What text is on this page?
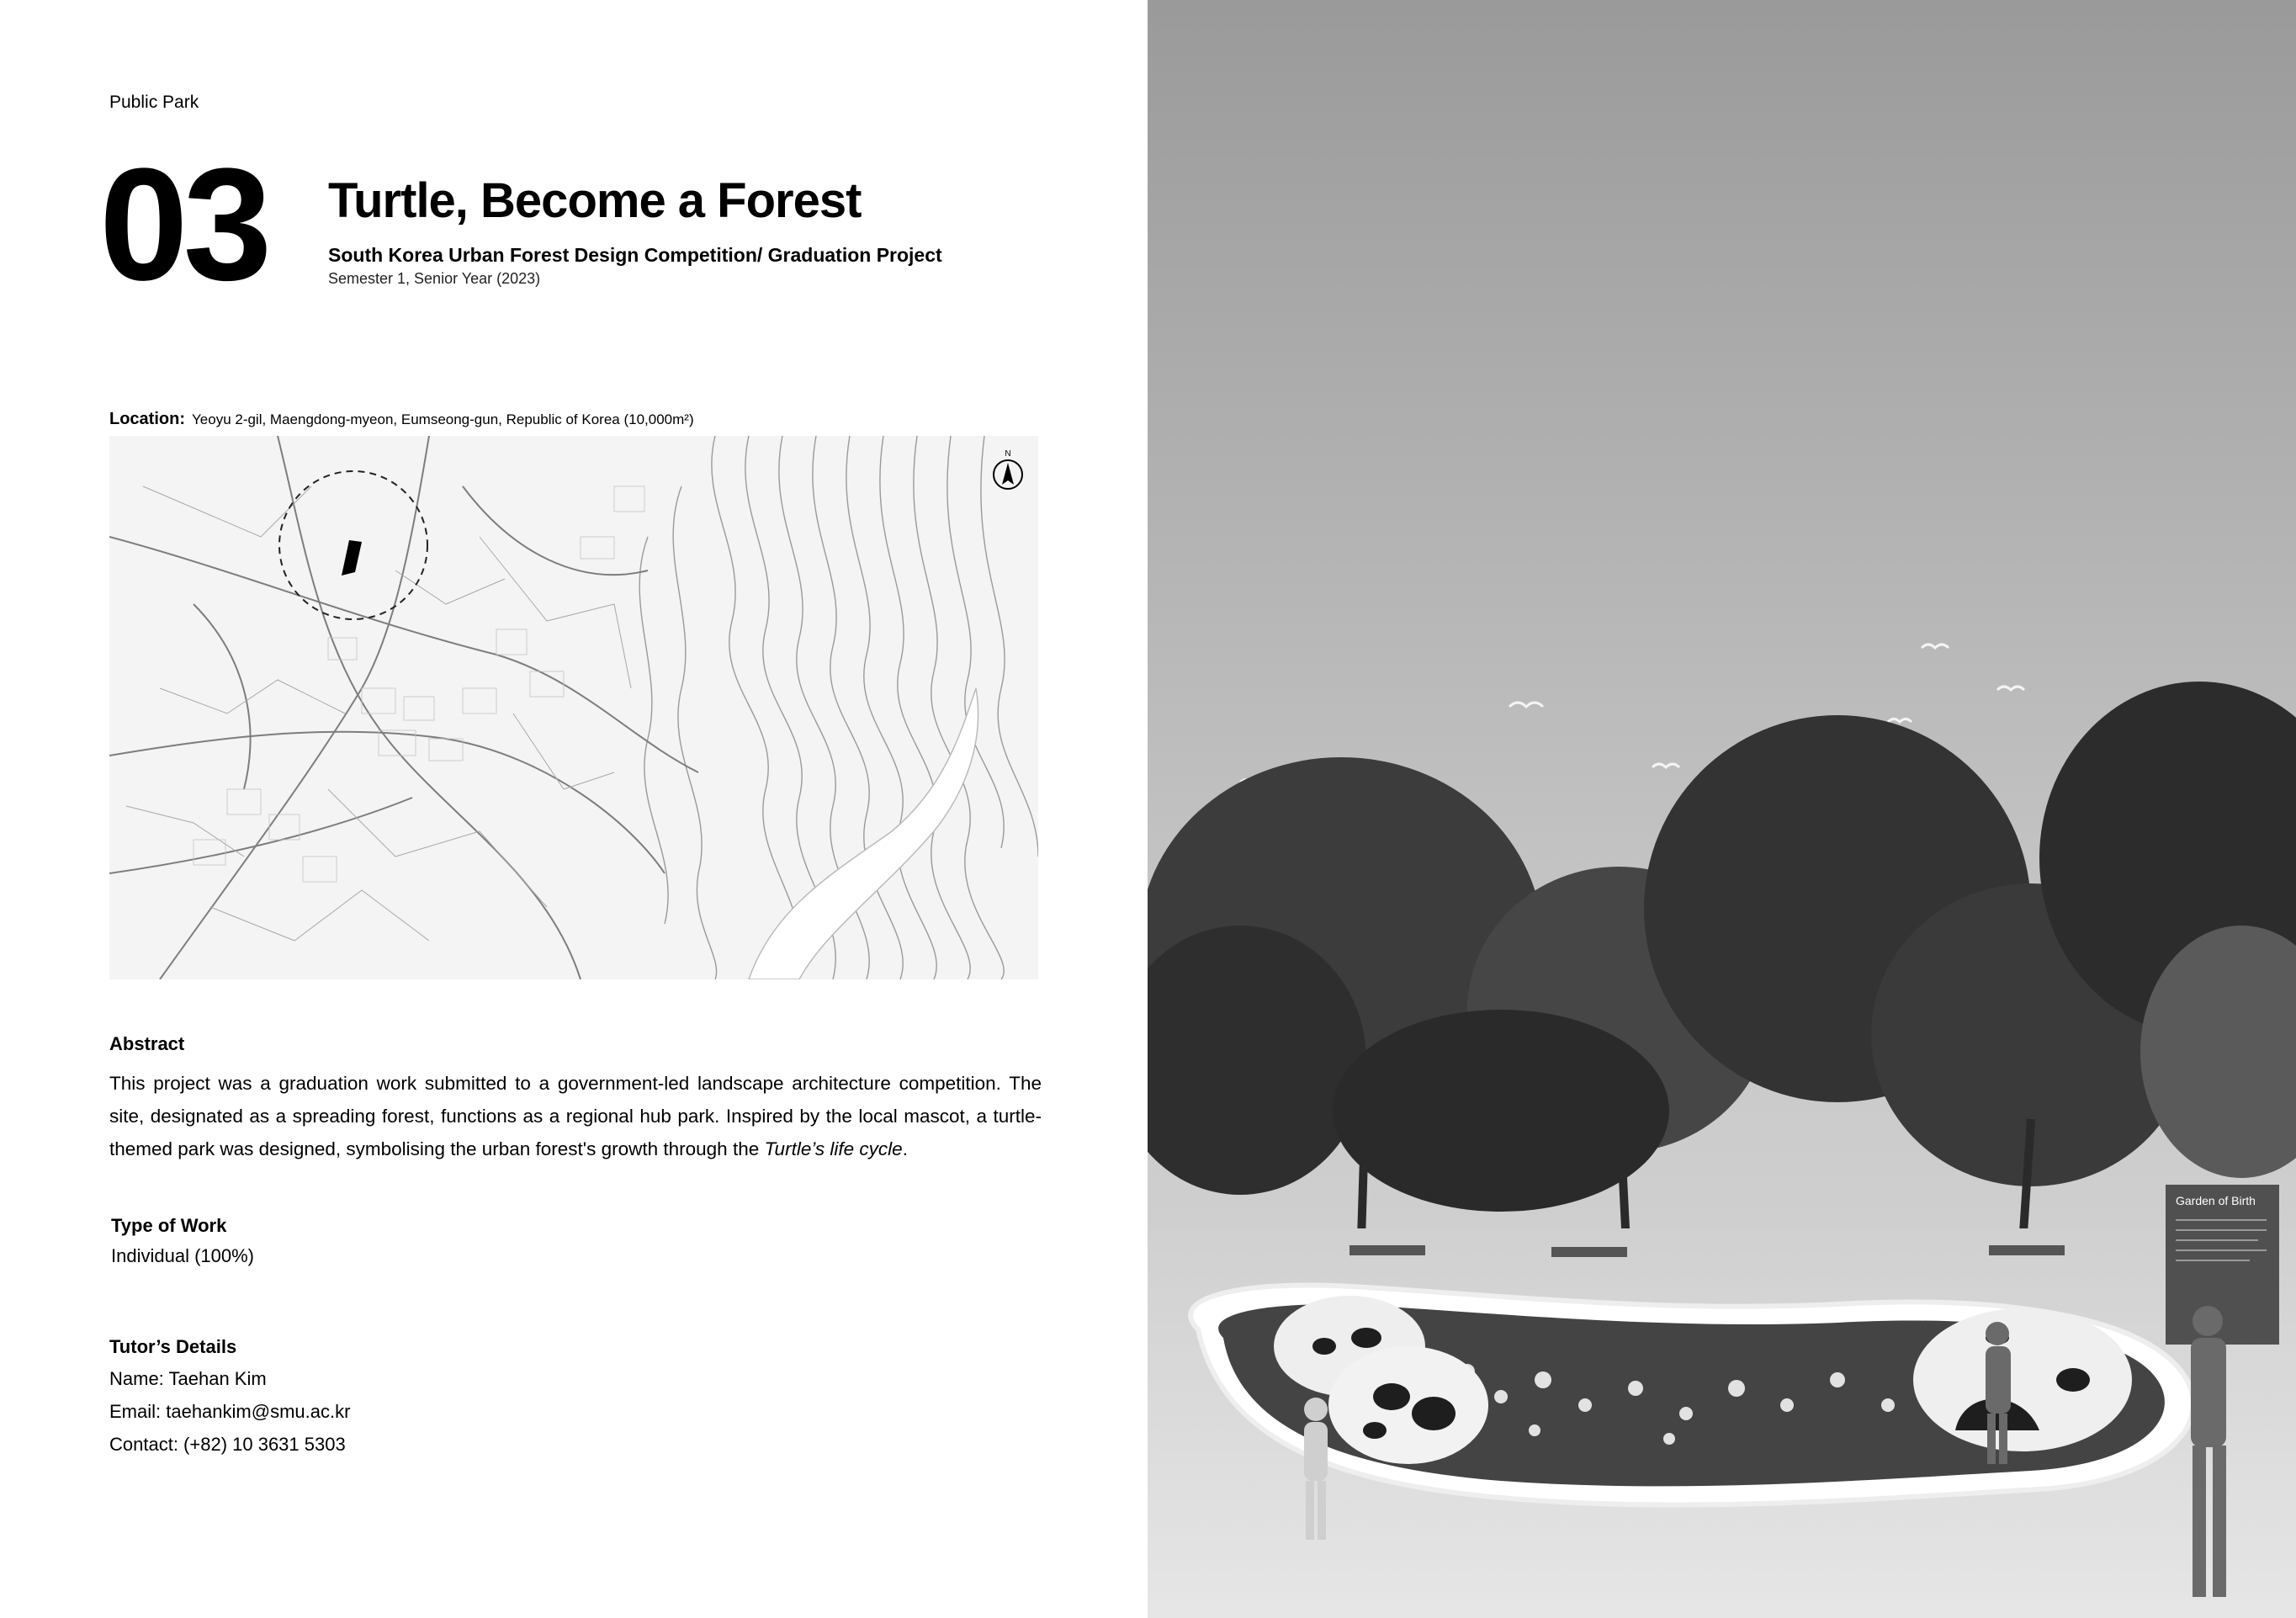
Public Park
03 Turtle, Become a Forest
South Korea Urban Forest Design Competition/ Graduation Project
Semester 1, Senior Year (2023)
Location: Yeoyu 2-gil, Maengdong-myeon, Eumseong-gun, Republic of Korea (10,000m²)
N
Abstract

This project was a graduation work submitted to a government-led landscape architecture competition. The site, designated as a spreading forest, functions as a regional hub park. Inspired by the local mascot, a turtle-themed park was designed, symbolising the urban forest's growth through the Turtle’s life cycle.

Type of Work
Individual (100%)
Tutor’s Details
Name: Taehan Kim
Email: taehankim@smu.ac.kr
Contact: (+82) 10 3631 5303
Garden of Birth
